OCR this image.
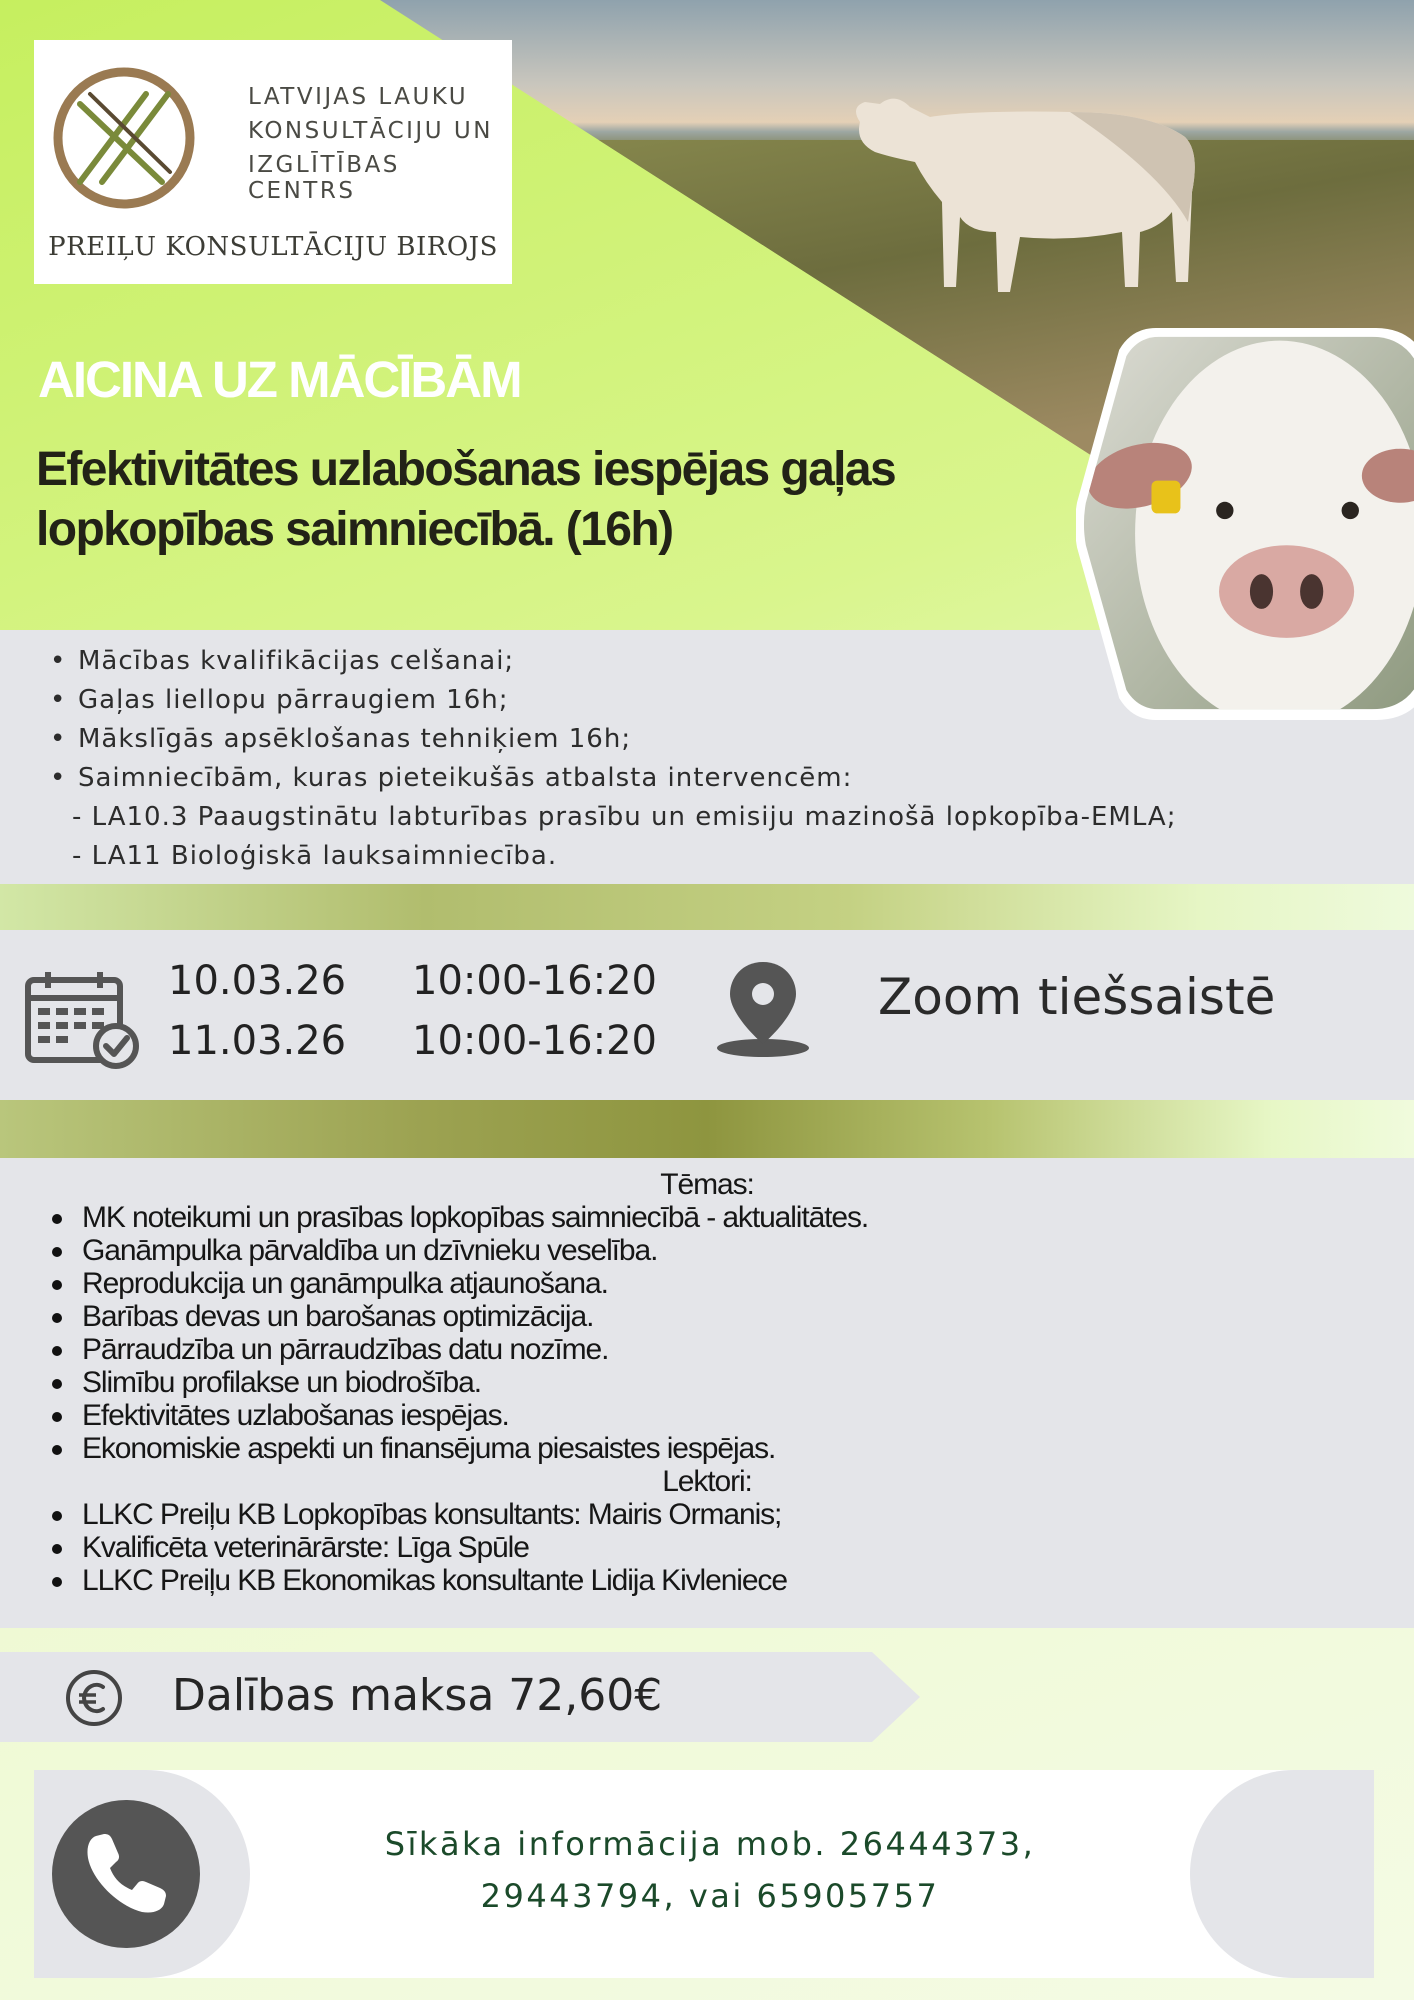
LATVIJAS LAUKU
KONSULTĀCIJU UN
IZGLĪTĪBAS CENTRS
PREIĻU KONSULTĀCIJU BIROJS
AICINA UZ MĀCĪBĀM
Efektivitātes uzlabošanas iespējas gaļas
lopkopības saimniecībā. (16h)
• Mācības kvalifikācijas celšanai;
• Gaļas liellopu pārraugiem 16h;
• Mākslīgās apsēklošanas tehniķiem 16h;
• Saimniecībām, kuras pieteikušās atbalsta intervencēm:
- LA10.3 Paaugstinātu labturības prasību un emisiju mazinošā lopkopība-EMLA;
- LA11 Bioloģiskā lauksaimniecība.
10.03.26 10:00-16:20
11.03.26 10:00-16:20
Zoom tiešsaistē
Tēmas:
MK noteikumi un prasības lopkopības saimniecībā - aktualitātes.
Ganāmpulka pārvaldība un dzīvnieku veselība.
Reprodukcija un ganāmpulka atjaunošana.
Barības devas un barošanas optimizācija.
Pārraudzība un pārraudzības datu nozīme.
Slimību profilakse un biodrošība.
Efektivitātes uzlabošanas iespējas.
Ekonomiskie aspekti un finansējuma piesaistes iespējas.
Lektori:
LLKC Preiļu KB Lopkopības konsultants: Mairis Ormanis;
Kvalificēta veterinārārste: Līga Spūle
LLKC Preiļu KB Ekonomikas konsultante Lidija Kivleniece
Dalības maksa 72,60€
Sīkāka informācija mob. 26444373,
29443794, vai 65905757
